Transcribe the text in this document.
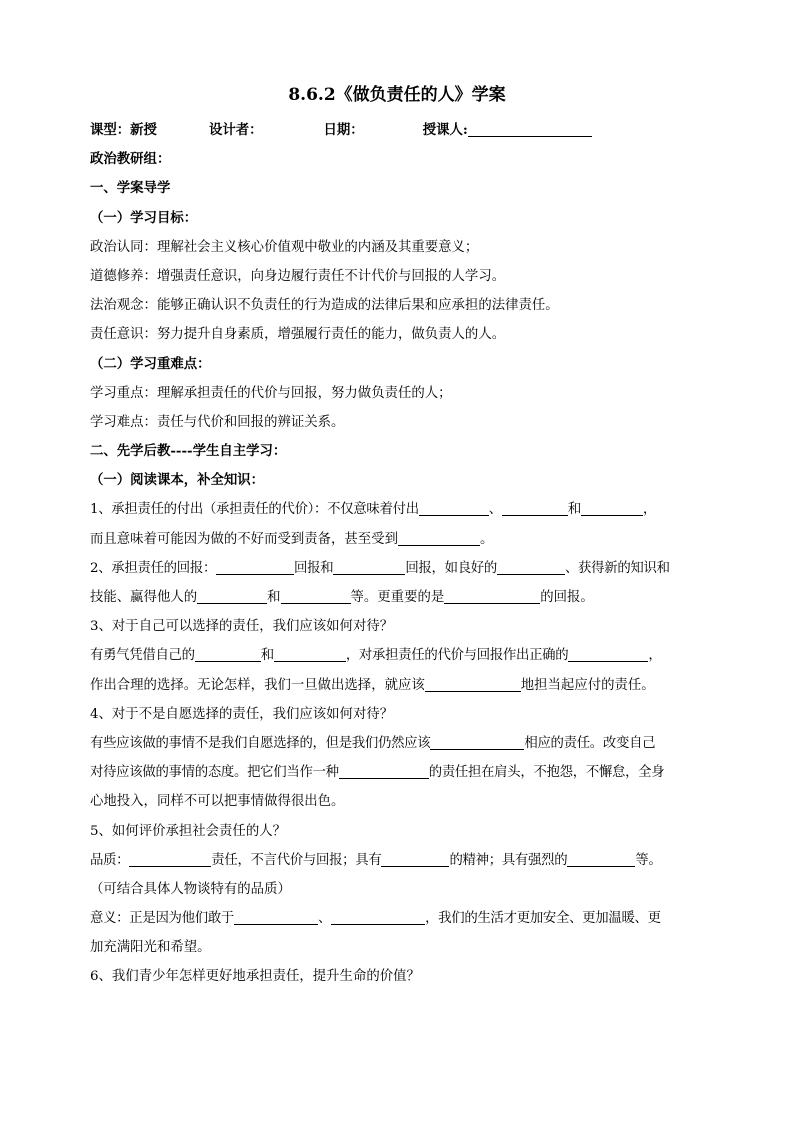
8.6.2《做负责任的人》学案
课型：新授	设计者：	日期：	授课人:
政治教研组：
一、学案导学
（一）学习目标：
政治认同：理解社会主义核心价值观中敬业的内涵及其重要意义；
道德修养：增强责任意识，向身边履行责任不计代价与回报的人学习。
法治观念：能够正确认识不负责任的行为造成的法律后果和应承担的法律责任。
责任意识：努力提升自身素质，增强履行责任的能力，做负责人的人。
（二）学习重难点：
学习重点：理解承担责任的代价与回报，努力做负责任的人；
学习难点：责任与代价和回报的辨证关系。
二、先学后教----学生自主学习：
（一）阅读课本，补全知识：
1、承担责任的付出（承担责任的代价）：不仅意味着付出	、	和	，
而且意味着可能因为做的不好而受到责备，甚至受到	。
2、承担责任的回报：	回报和	回报，如良好的	、获得新的知识和
技能、赢得他人的	和	等。更重要的是	的回报。
3、对于自己可以选择的责任，我们应该如何对待？
有勇气凭借自己的	和	，对承担责任的代价与回报作出正确的	，
作出合理的选择。无论怎样，我们一旦做出选择，就应该	地担当起应付的责任。
4、对于不是自愿选择的责任，我们应该如何对待？
有些应该做的事情不是我们自愿选择的，但是我们仍然应该	相应的责任。改变自己
对待应该做的事情的态度。把它们当作一种	的责任担在肩头，不抱怨，不懈怠，全身
心地投入，同样不可以把事情做得很出色。
5、如何评价承担社会责任的人？
品质：	责任，不言代价与回报；具有	的精神；具有强烈的	等。
（可结合具体人物谈特有的品质）
意义：正是因为他们敢于	、	，我们的生活才更加安全、更加温暖、更
加充满阳光和希望。
6、我们青少年怎样更好地承担责任，提升生命的价值？
